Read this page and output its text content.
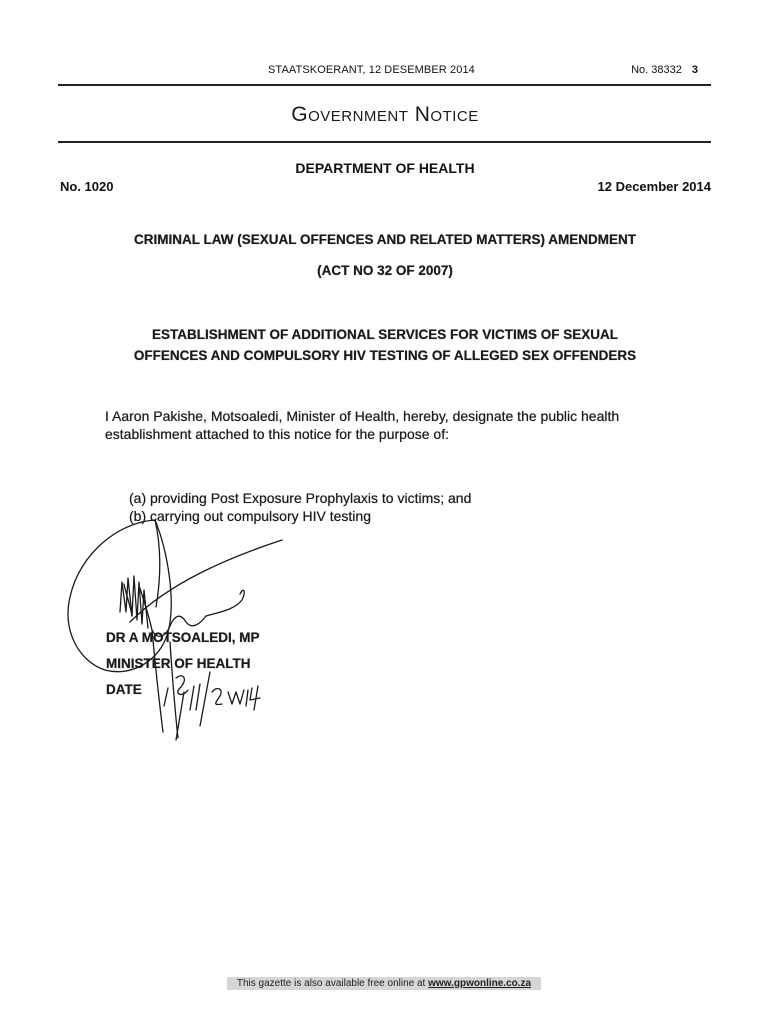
STAATSKOERANT, 12 DESEMBER 2014	No. 38332 3
Government Notice
DEPARTMENT OF HEALTH
No. 1020	12 December 2014
CRIMINAL LAW (SEXUAL OFFENCES AND RELATED MATTERS) AMENDMENT
(ACT NO 32 OF 2007)
ESTABLISHMENT OF ADDITIONAL SERVICES FOR VICTIMS OF SEXUAL
OFFENCES AND COMPULSORY HIV TESTING OF ALLEGED SEX OFFENDERS
I Aaron Pakishe, Motsoaledi, Minister of Health, hereby, designate the public health
establishment attached to this notice for the purpose of:
(a) providing Post Exposure Prophylaxis to victims; and
(b) carrying out compulsory HIV testing
DR A MOTSOALEDI, MP
MINISTER OF HEALTH
DATE
This gazette is also available free online at www.gpwonline.co.za
